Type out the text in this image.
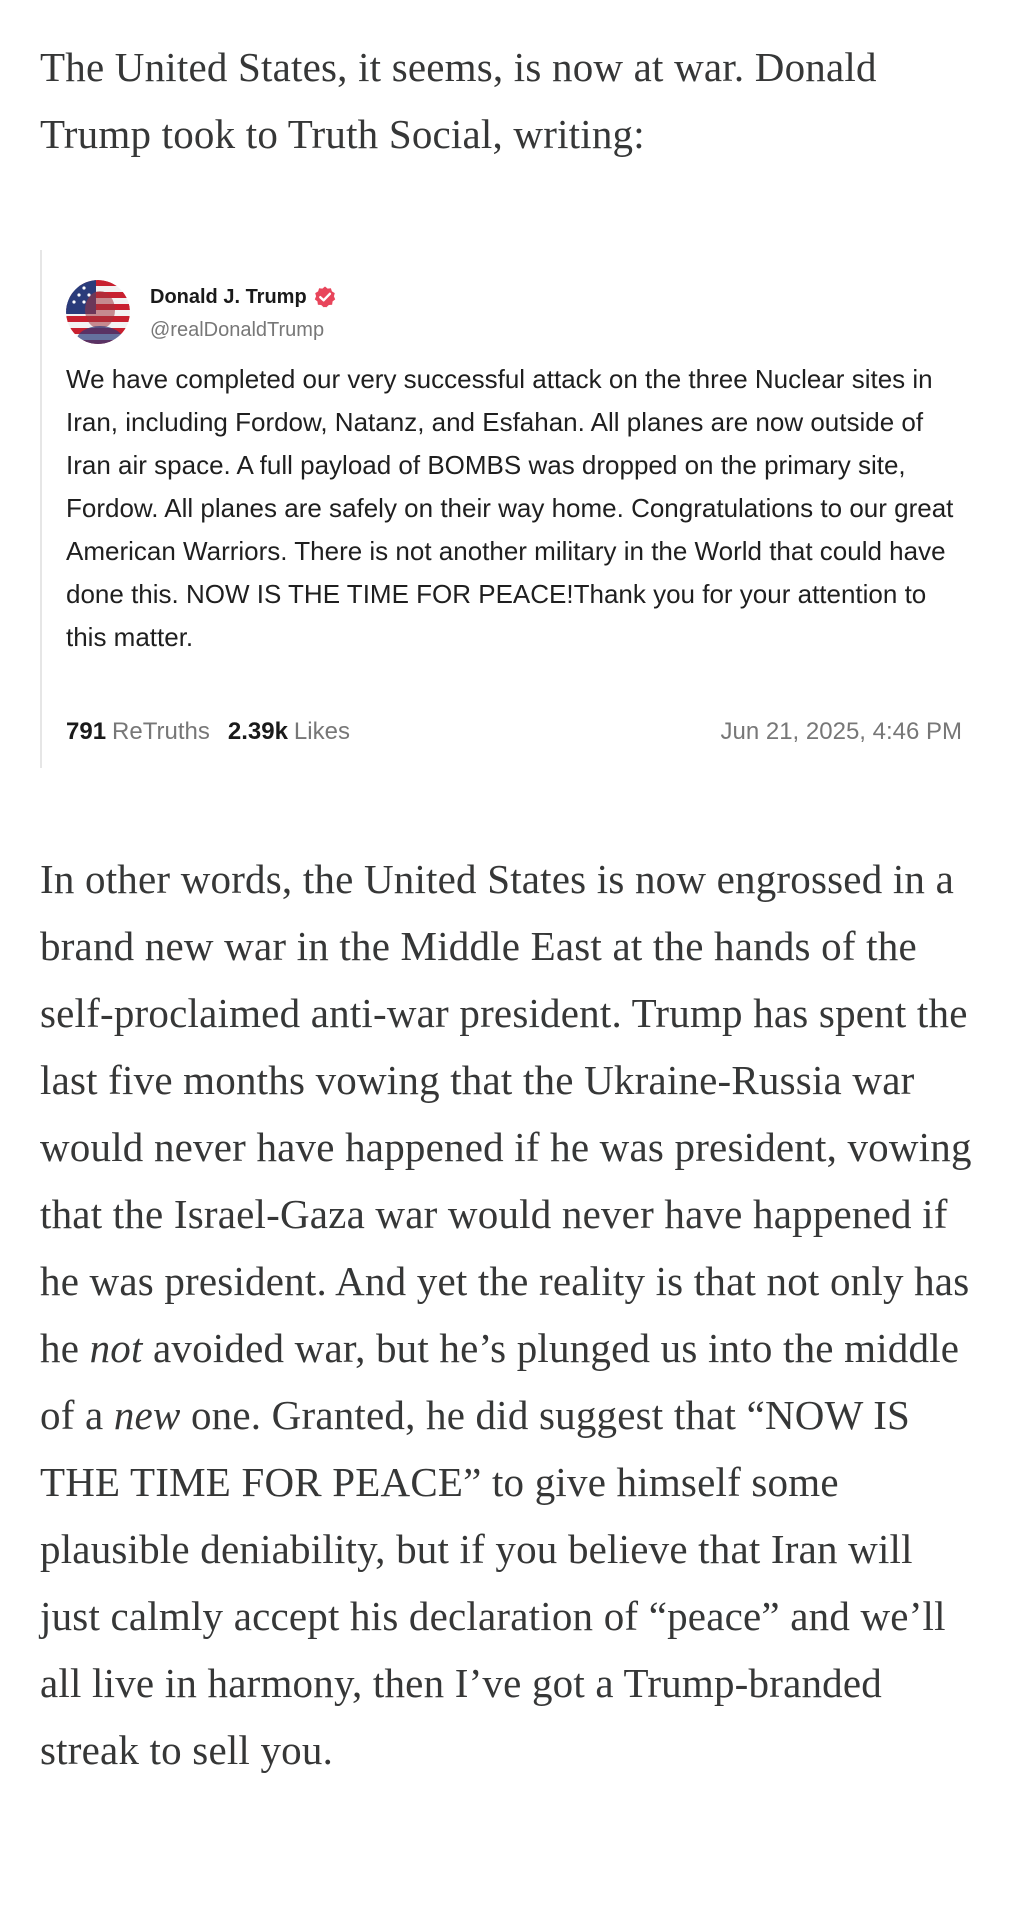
The United States, it seems, is now at war. Donald Trump took to Truth Social, writing:

Donald J. Trump
@realDonaldTrump

We have completed our very successful attack on the three Nuclear sites in Iran, including Fordow, Natanz, and Esfahan. All planes are now outside of Iran air space. A full payload of BOMBS was dropped on the primary site, Fordow. All planes are safely on their way home. Congratulations to our great American Warriors. There is not another military in the World that could have done this. NOW IS THE TIME FOR PEACE!Thank you for your attention to this matter.

791 ReTruths 2.39k Likes	Jun 21, 2025, 4:46 PM

In other words, the United States is now engrossed in a brand new war in the Middle East at the hands of the self-proclaimed anti-war president. Trump has spent the last five months vowing that the Ukraine-Russia war would never have happened if he was president, vowing that the Israel-Gaza war would never have happened if he was president. And yet the reality is that not only has he not avoided war, but he’s plunged us into the middle of a new one. Granted, he did suggest that “NOW IS THE TIME FOR PEACE” to give himself some plausible deniability, but if you believe that Iran will just calmly accept his declaration of “peace” and we’ll all live in harmony, then I’ve got a Trump-branded streak to sell you.
